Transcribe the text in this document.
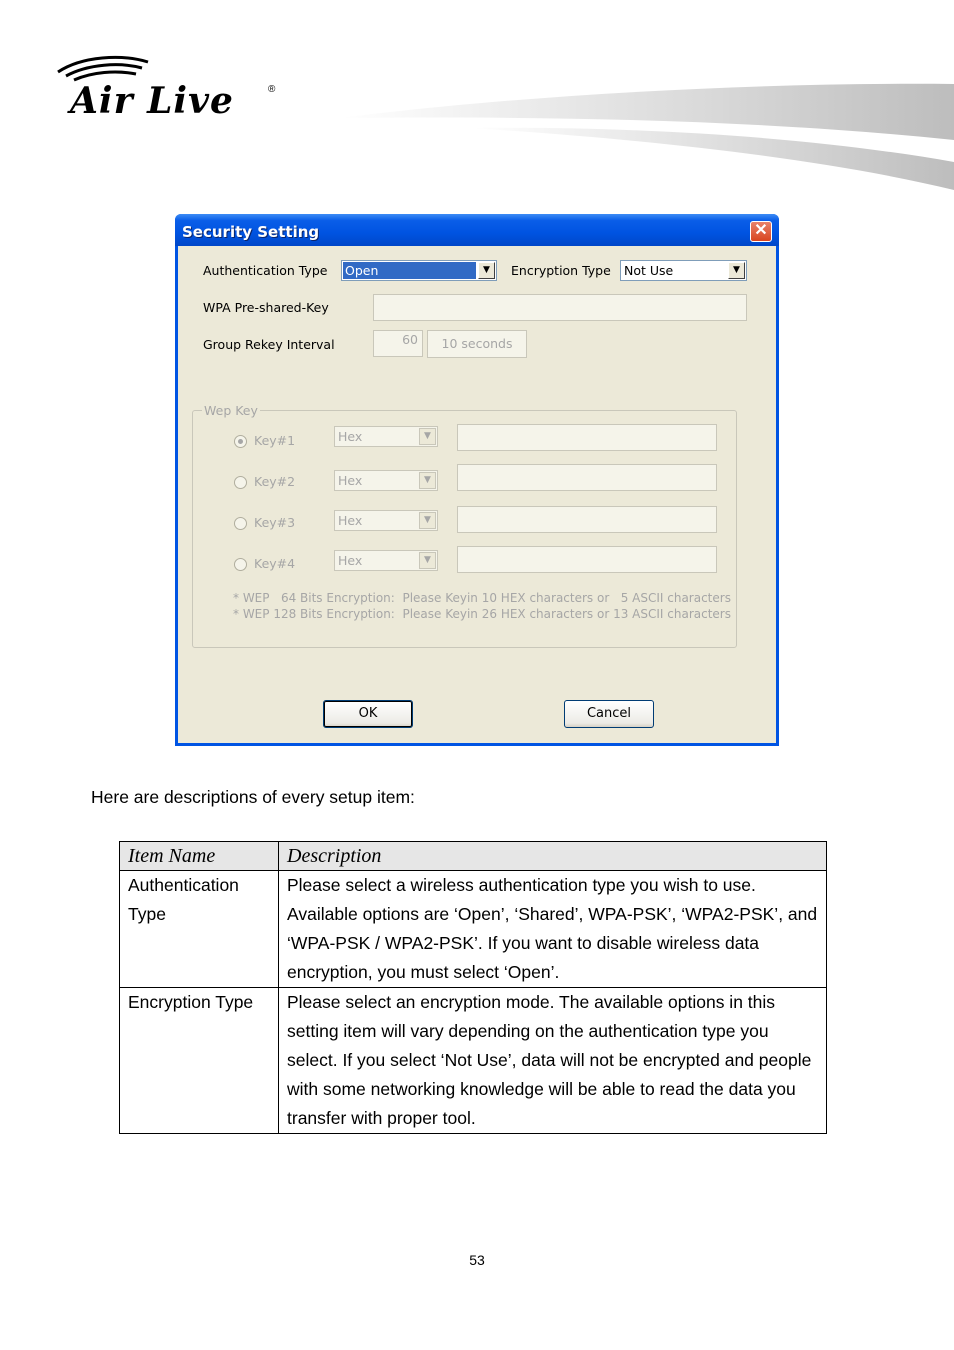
Air Live	®
Security Setting	✕
Authentication Type Open	▼	Encryption Type Not Use	▼
WPA Pre-shared-Key
Group Rekey Interval	60	10 seconds
Wep Key
Key#1	Hex	▼
Key#2	Hex	▼
Key#3	Hex	▼
Key#4	Hex	▼
* WEP   64 Bits Encryption:  Please Keyin 10 HEX characters or   5 ASCII characters
* WEP 128 Bits Encryption:  Please Keyin 26 HEX characters or 13 ASCII characters
OK	Cancel
Here are descriptions of every setup item:
Item Name	Description
Authentication Type	Please select a wireless authentication type you wish to use. Available options are ‘Open’, ‘Shared’, WPA-PSK’, ‘WPA2-PSK’, and ‘WPA-PSK / WPA2-PSK’. If you want to disable wireless data encryption, you must select ‘Open’.
Encryption Type	Please select an encryption mode. The available options in this setting item will vary depending on the authentication type you select. If you select ‘Not Use’, data will not be encrypted and people with some networking knowledge will be able to read the data you transfer with proper tool.
53
